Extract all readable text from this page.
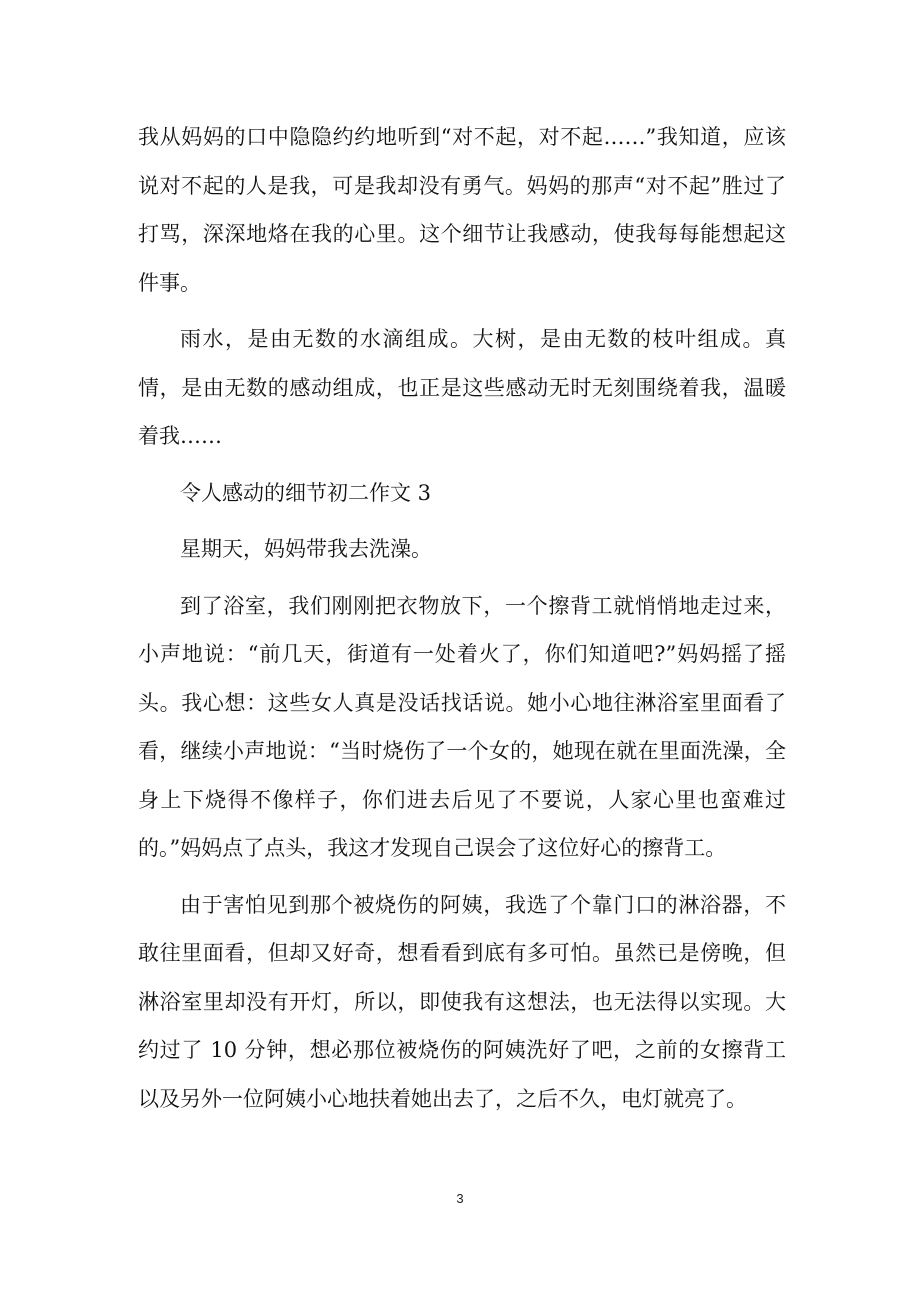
我从妈妈的口中隐隐约约地听到“对不起，对不起……”我知道，应该说对不起的人是我，可是我却没有勇气。妈妈的那声“对不起”胜过了打骂，深深地烙在我的心里。这个细节让我感动，使我每每能想起这件事。

雨水，是由无数的水滴组成。大树，是由无数的枝叶组成。真情，是由无数的感动组成，也正是这些感动无时无刻围绕着我，温暖着我……

令人感动的细节初二作文 3

星期天，妈妈带我去洗澡。

到了浴室，我们刚刚把衣物放下，一个擦背工就悄悄地走过来，小声地说：“前几天，街道有一处着火了，你们知道吧?”妈妈摇了摇头。我心想：这些女人真是没话找话说。她小心地往淋浴室里面看了看，继续小声地说：“当时烧伤了一个女的，她现在就在里面洗澡，全身上下烧得不像样子，你们进去后见了不要说，人家心里也蛮难过的。”妈妈点了点头，我这才发现自己误会了这位好心的擦背工。

由于害怕见到那个被烧伤的阿姨，我选了个靠门口的淋浴器，不敢往里面看，但却又好奇，想看看到底有多可怕。虽然已是傍晚，但淋浴室里却没有开灯，所以，即使我有这想法，也无法得以实现。大约过了 10 分钟，想必那位被烧伤的阿姨洗好了吧，之前的女擦背工以及另外一位阿姨小心地扶着她出去了，之后不久，电灯就亮了。

3
